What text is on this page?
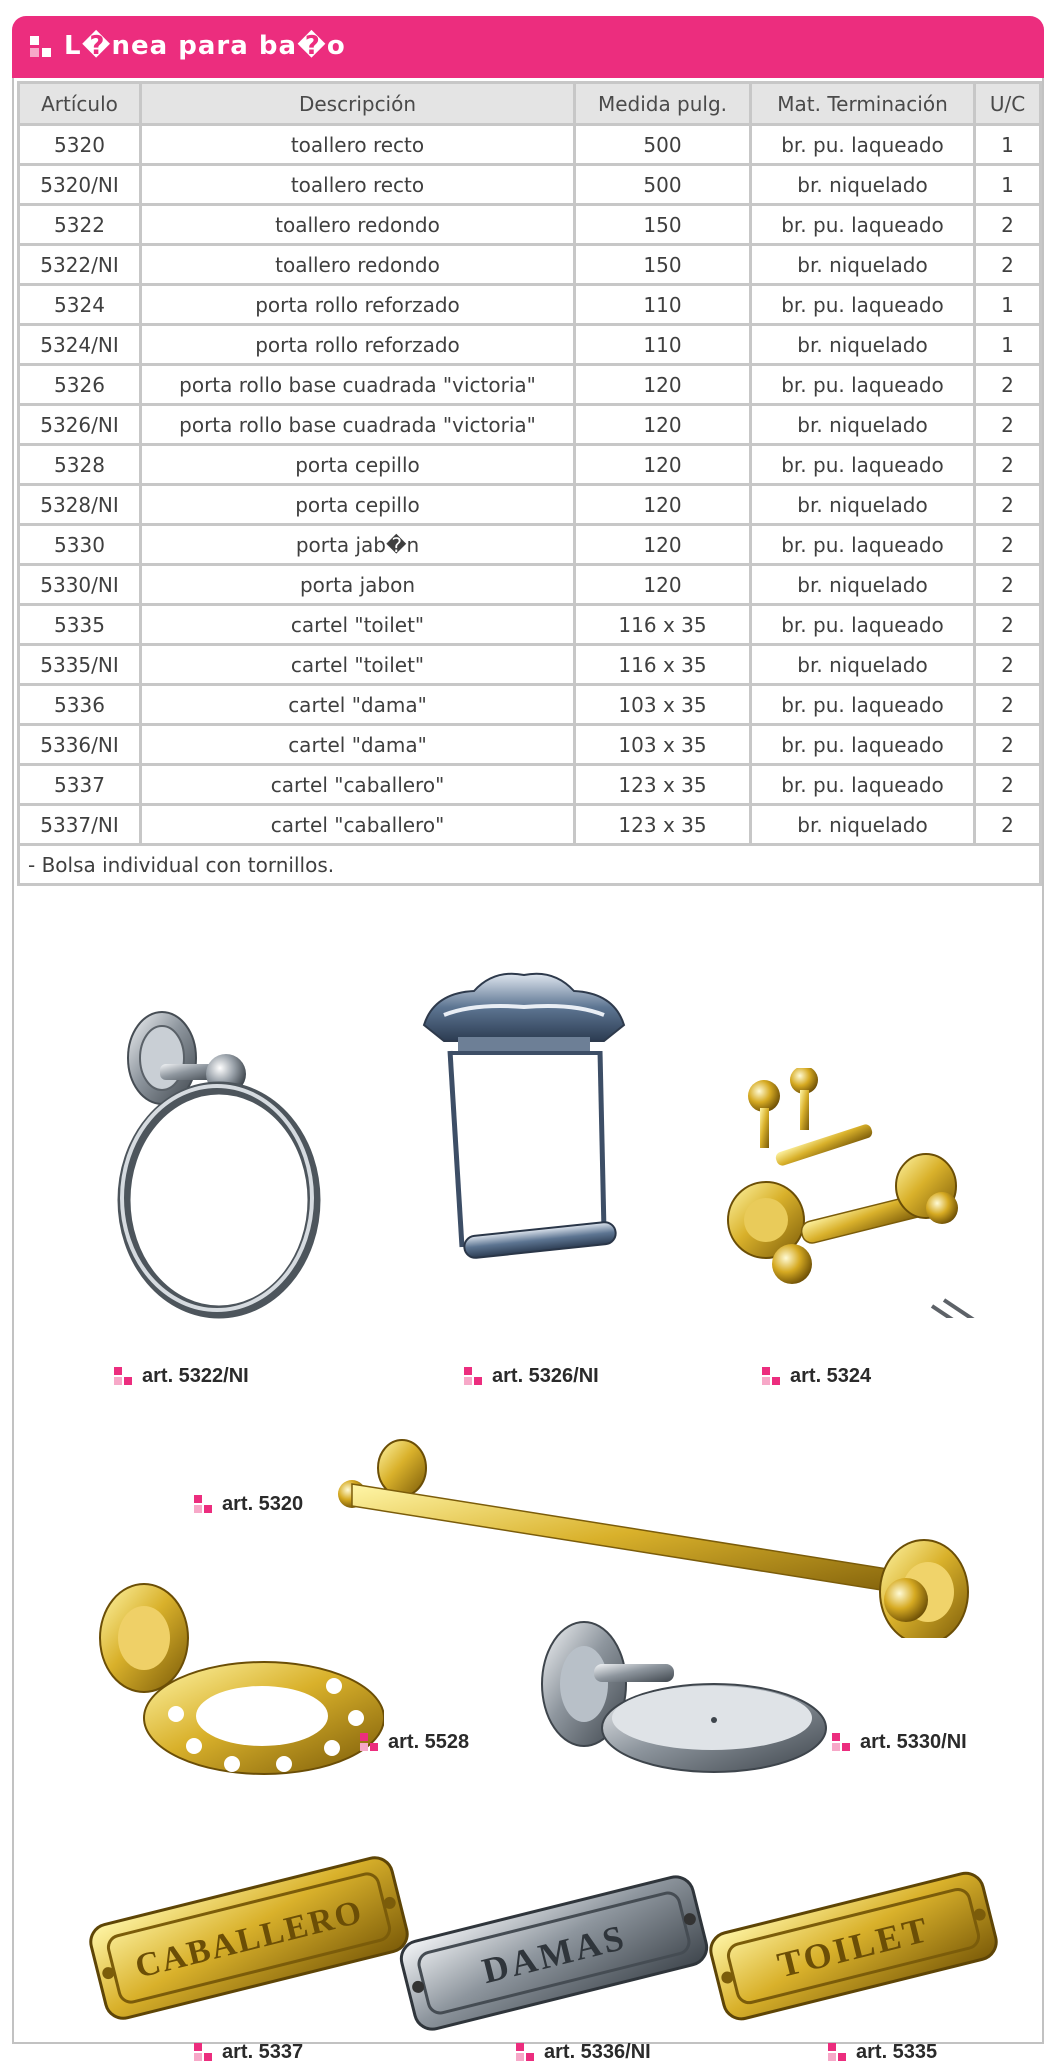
L�nea para ba�o
Artículo	Descripción	Medida pulg.	Mat. Terminación	U/C
5320	toallero recto	500	br. pu. laqueado	1
5320/NI	toallero recto	500	br. niquelado	1
5322	toallero redondo	150	br. pu. laqueado	2
5322/NI	toallero redondo	150	br. niquelado	2
5324	porta rollo reforzado	110	br. pu. laqueado	1
5324/NI	porta rollo reforzado	110	br. niquelado	1
5326	porta rollo base cuadrada "victoria"	120	br. pu. laqueado	2
5326/NI	porta rollo base cuadrada "victoria"	120	br. niquelado	2
5328	porta cepillo	120	br. pu. laqueado	2
5328/NI	porta cepillo	120	br. niquelado	2
5330	porta jab�n	120	br. pu. laqueado	2
5330/NI	porta jabon	120	br. niquelado	2
5335	cartel "toilet"	116 x 35	br. pu. laqueado	2
5335/NI	cartel "toilet"	116 x 35	br. niquelado	2
5336	cartel "dama"	103 x 35	br. pu. laqueado	2
5336/NI	cartel "dama"	103 x 35	br. pu. laqueado	2
5337	cartel "caballero"	123 x 35	br. pu. laqueado	2
5337/NI	cartel "caballero"	123 x 35	br. niquelado	2
- Bolsa individual con tornillos.				
art. 5322/NI	art. 5326/NI	art. 5324
art. 5320
art. 5528	art. 5330/NI
CABALLERO	DAMAS	TOILET
art. 5337	art. 5336/NI	art. 5335
